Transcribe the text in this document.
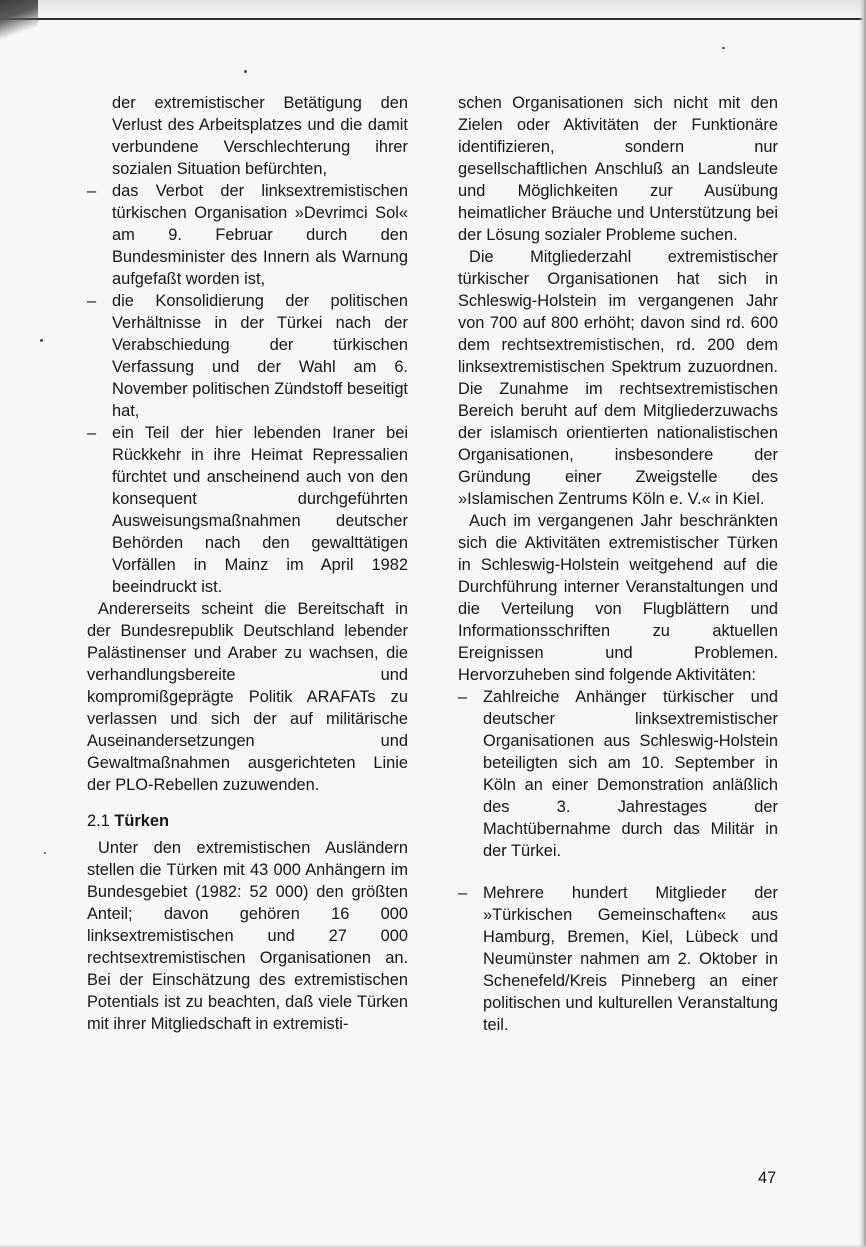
der extremistischer Betätigung den Verlust des Arbeitsplatzes und die damit verbundene Verschlechterung ihrer sozialen Situation befürchten,

– das Verbot der linksextremistischen türkischen Organisation »Devrimci Sol« am 9. Februar durch den Bundesminister des Innern als Warnung aufgefaßt worden ist,
– die Konsolidierung der politischen Verhältnisse in der Türkei nach der Verabschiedung der türkischen Verfassung und der Wahl am 6. November politischen Zündstoff beseitigt hat,
– ein Teil der hier lebenden Iraner bei Rückkehr in ihre Heimat Repressalien fürchtet und anscheinend auch von den konsequent durchgeführten Ausweisungsmaßnahmen deutscher Behörden nach den gewalttätigen Vorfällen in Mainz im April 1982 beeindruckt ist.

Andererseits scheint die Bereitschaft in der Bundesrepublik Deutschland lebender Palästinenser und Araber zu wachsen, die verhandlungsbereite und kompromißgeprägte Politik ARAFATs zu verlassen und sich der auf militärische Auseinandersetzungen und Gewaltmaßnahmen ausgerichteten Linie der PLO-Rebellen zuzuwenden.

2.1 Türken

Unter den extremistischen Ausländern stellen die Türken mit 43 000 Anhängern im Bundesgebiet (1982: 52 000) den größten Anteil; davon gehören 16 000 linksextremistischen und 27 000 rechtsextremistischen Organisationen an. Bei der Einschätzung des extremistischen Potentials ist zu beachten, daß viele Türken mit ihrer Mitgliedschaft in extremisti-

schen Organisationen sich nicht mit den Zielen oder Aktivitäten der Funktionäre identifizieren, sondern nur gesellschaftlichen Anschluß an Landsleute und Möglichkeiten zur Ausübung heimatlicher Bräuche und Unterstützung bei der Lösung sozialer Probleme suchen.

Die Mitgliederzahl extremistischer türkischer Organisationen hat sich in Schleswig-Holstein im vergangenen Jahr von 700 auf 800 erhöht; davon sind rd. 600 dem rechtsextremistischen, rd. 200 dem linksextremistischen Spektrum zuzuordnen. Die Zunahme im rechtsextremistischen Bereich beruht auf dem Mitgliederzuwachs der islamisch orientierten nationalistischen Organisationen, insbesondere der Gründung einer Zweigstelle des »Islamischen Zentrums Köln e. V.« in Kiel.

Auch im vergangenen Jahr beschränkten sich die Aktivitäten extremistischer Türken in Schleswig-Holstein weitgehend auf die Durchführung interner Veranstaltungen und die Verteilung von Flugblättern und Informationsschriften zu aktuellen Ereignissen und Problemen. Hervorzuheben sind folgende Aktivitäten:

– Zahlreiche Anhänger türkischer und deutscher linksextremistischer Organisationen aus Schleswig-Holstein beteiligten sich am 10. September in Köln an einer Demonstration anläßlich des 3. Jahrestages der Machtübernahme durch das Militär in der Türkei.
– Mehrere hundert Mitglieder der »Türkischen Gemeinschaften« aus Hamburg, Bremen, Kiel, Lübeck und Neumünster nahmen am 2. Oktober in Schenefeld/Kreis Pinneberg an einer politischen und kulturellen Veranstaltung teil.
47
